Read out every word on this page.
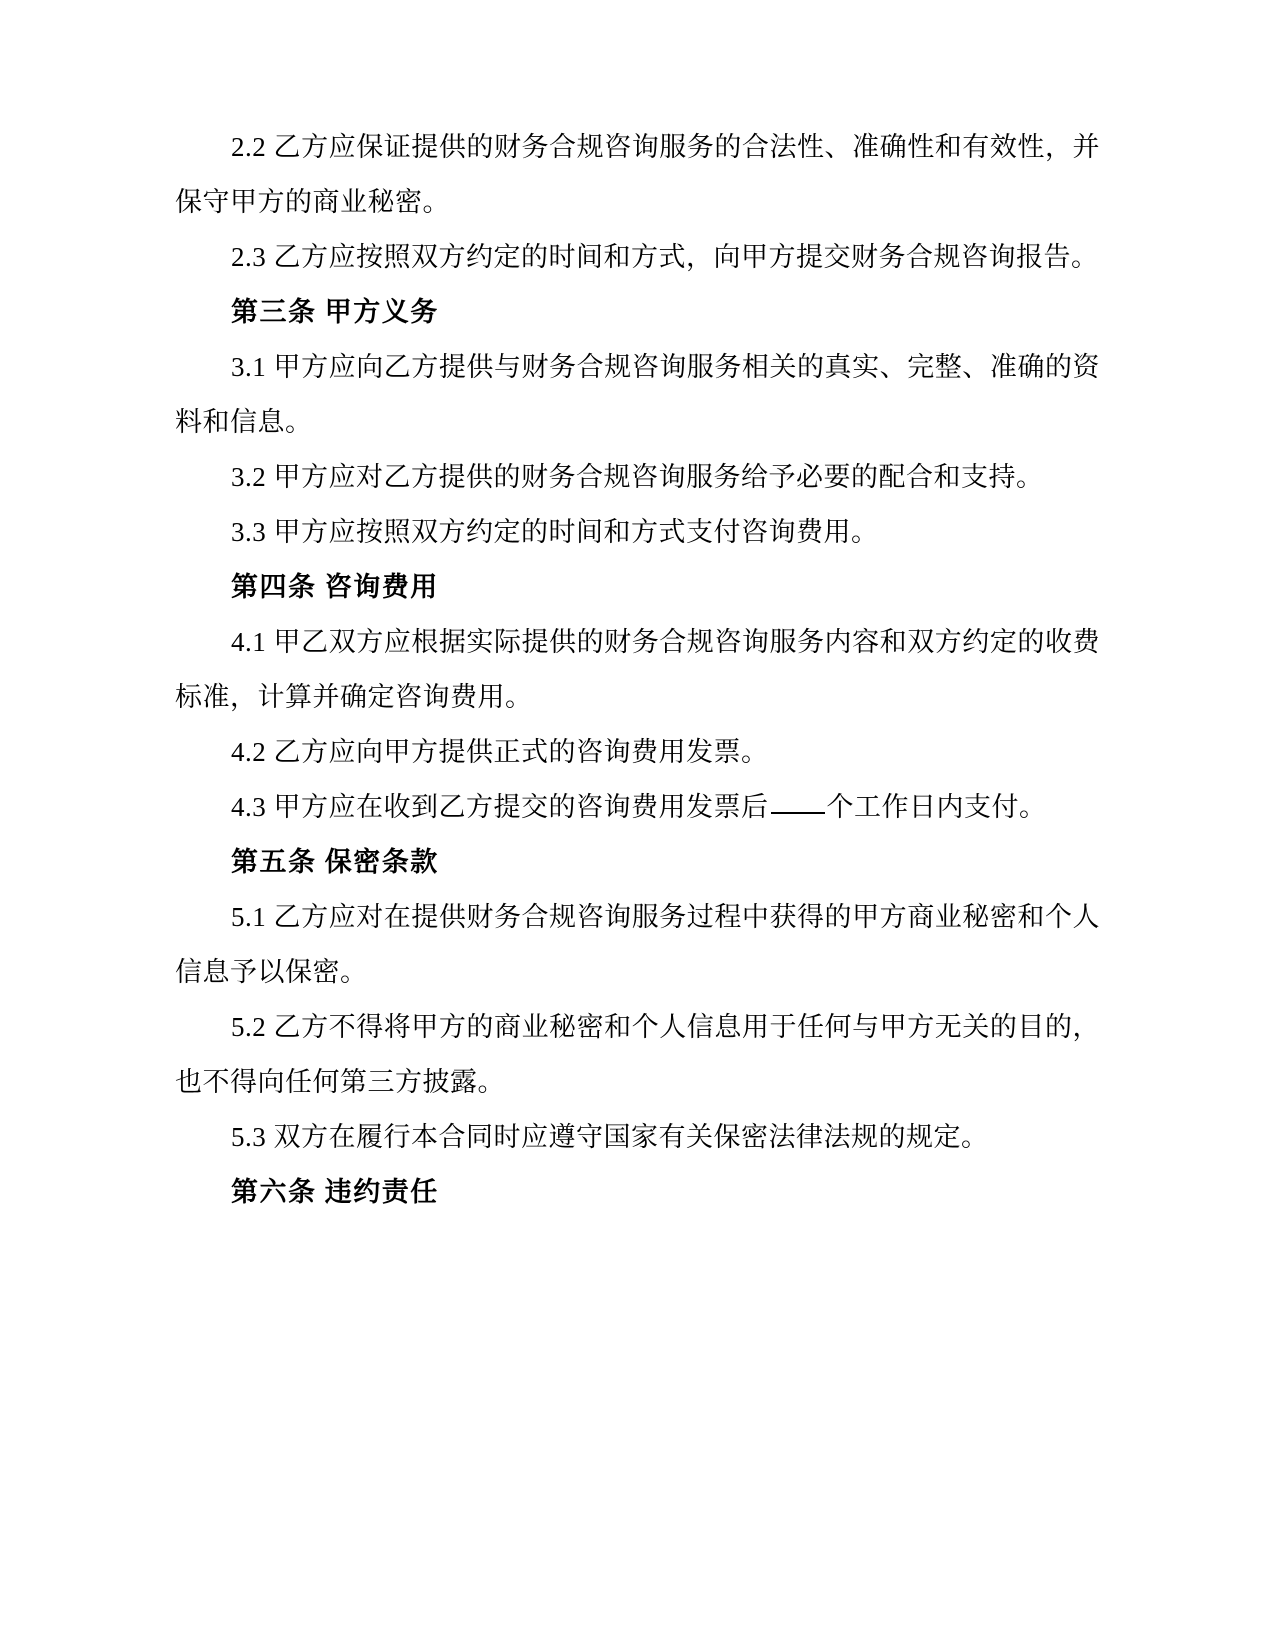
2.2 乙方应保证提供的财务合规咨询服务的合法性、准确性和有效性，并保守甲方的商业秘密。

2.3 乙方应按照双方约定的时间和方式，向甲方提交财务合规咨询报告。

第三条 甲方义务

3.1 甲方应向乙方提供与财务合规咨询服务相关的真实、完整、准确的资料和信息。

3.2 甲方应对乙方提供的财务合规咨询服务给予必要的配合和支持。

3.3 甲方应按照双方约定的时间和方式支付咨询费用。

第四条 咨询费用

4.1 甲乙双方应根据实际提供的财务合规咨询服务内容和双方约定的收费标准，计算并确定咨询费用。

4.2 乙方应向甲方提供正式的咨询费用发票。

4.3 甲方应在收到乙方提交的咨询费用发票后 个工作日内支付。

第五条 保密条款

5.1 乙方应对在提供财务合规咨询服务过程中获得的甲方商业秘密和个人信息予以保密。

5.2 乙方不得将甲方的商业秘密和个人信息用于任何与甲方无关的目的，也不得向任何第三方披露。

5.3 双方在履行本合同时应遵守国家有关保密法律法规的规定。

第六条 违约责任
